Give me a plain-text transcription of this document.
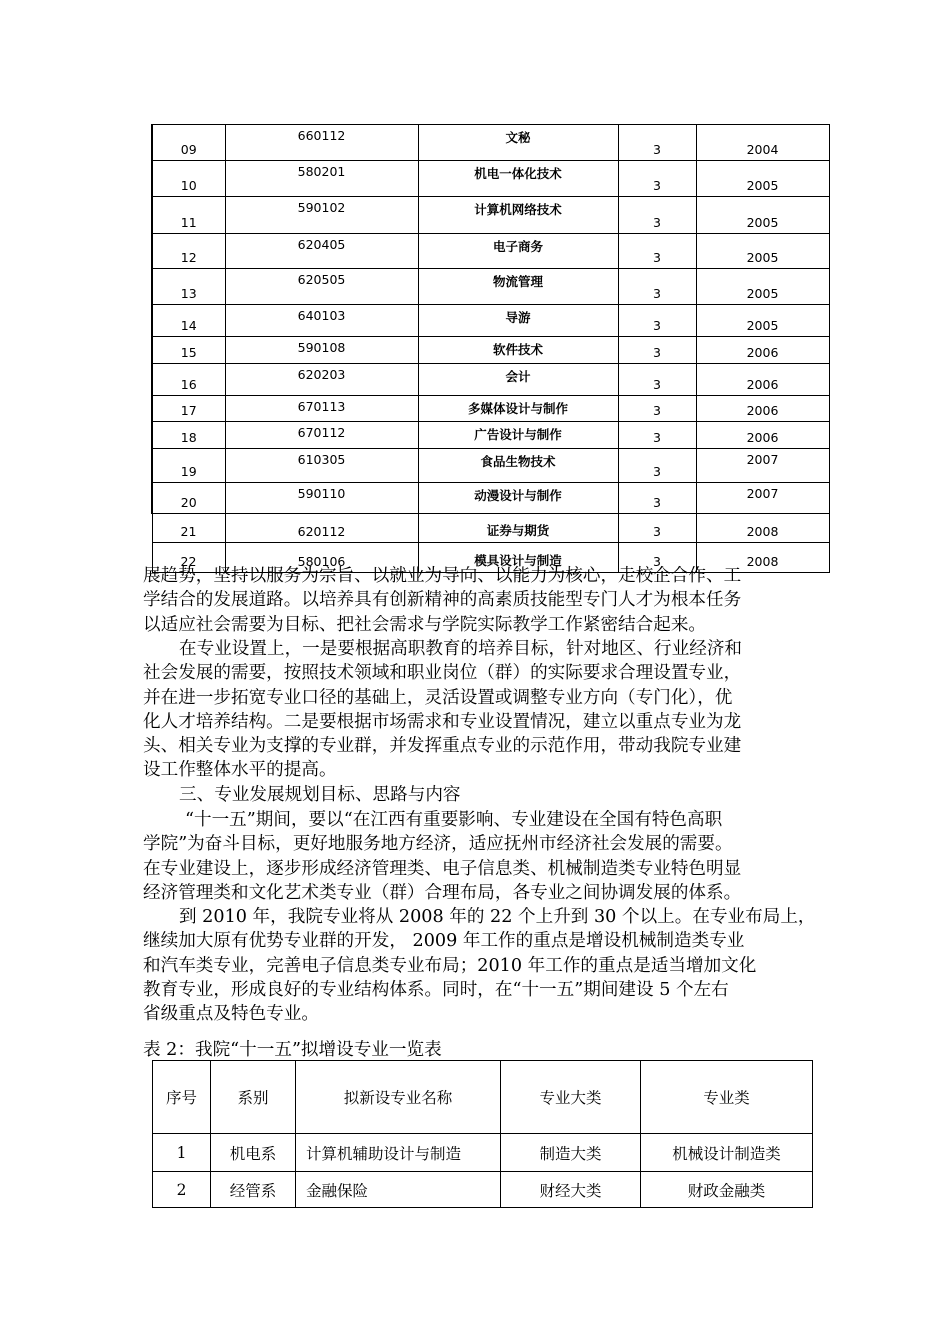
09	660112	文秘	3	2004

10	580201	机电一体化技术	3	2005

11	590102	计算机网络技术	3	2005

12	620405	电子商务	3	2005

13	620505	物流管理	3	2005

14	640103	导游	3	2005

15	590108	软件技术	3	2006

16	620203	会计	3	2006

17	670113	多媒体设计与制作	3	2006

18	670112	广告设计与制作	3	2006

19	610305	食品生物技术	3	2007

20	590110	动漫设计与制作	3	2007

21	620112	证券与期货	3	2008

22	580106	模具设计与制造	3	2008

展趋势，坚持以服务为宗旨、以就业为导向、以能力为核心，走校企合作、工

学结合的发展道路。以培养具有创新精神的高素质技能型专门人才为根本任务

以适应社会需要为目标、把社会需求与学院实际教学工作紧密结合起来。

在专业设置上，一是要根据高职教育的培养目标，针对地区、行业经济和

社会发展的需要，按照技术领域和职业岗位（群）的实际要求合理设置专业，

并在进一步拓宽专业口径的基础上，灵活设置或调整专业方向（专门化），优

化人才培养结构。二是要根据市场需求和专业设置情况，建立以重点专业为龙

头、相关专业为支撑的专业群，并发挥重点专业的示范作用，带动我院专业建

设工作整体水平的提高。

三、专业发展规划目标、思路与内容

“十一五”期间，要以“在江西有重要影响、专业建设在全国有特色高职

学院”为奋斗目标，更好地服务地方经济，适应抚州市经济社会发展的需要。

在专业建设上，逐步形成经济管理类、电子信息类、机械制造类专业特色明显

经济管理类和文化艺术类专业（群）合理布局，各专业之间协调发展的体系。

到 2010 年，我院专业将从 2008 年的 22 个上升到 30 个以上。在专业布局上，

继续加大原有优势专业群的开发， 2009 年工作的重点是增设机械制造类专业

和汽车类专业，完善电子信息类专业布局；2010 年工作的重点是适当增加文化

教育专业，形成良好的专业结构体系。同时，在“十一五”期间建设 5 个左右

省级重点及特色专业。

表 2：我院“十一五”拟增设专业一览表
序号	系别	拟新设专业名称	专业大类	专业类
1	机电系	计算机辅助设计与制造	制造大类	机械设计制造类
2	经管系	金融保险	财经大类	财政金融类
